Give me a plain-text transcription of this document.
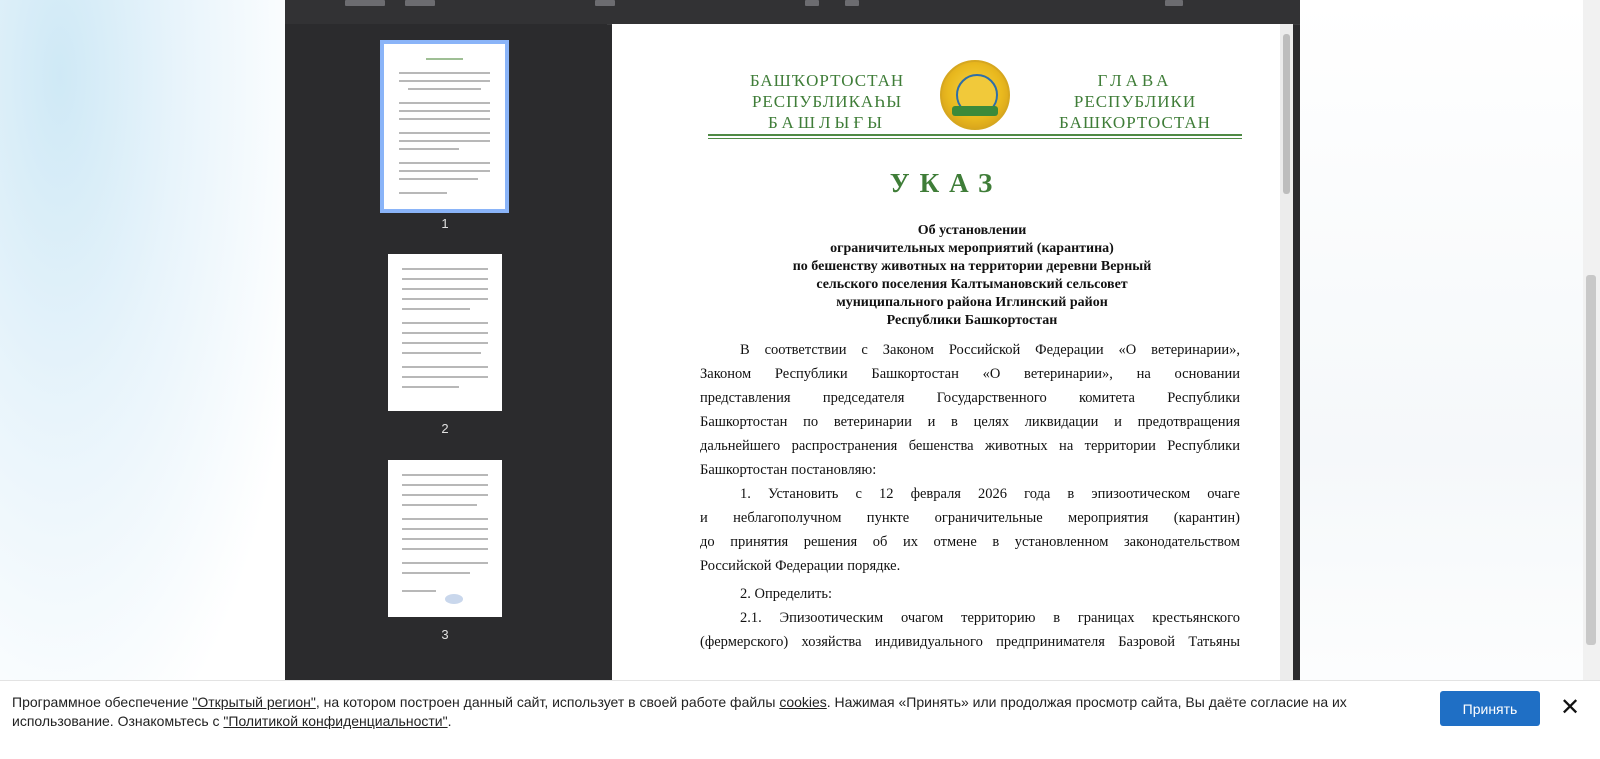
1
2
3
БАШҠОРТОСТАН
РЕСПУБЛИКАҺЫ
БАШЛЫҒЫ
ГЛАВА
РЕСПУБЛИКИ
БАШКОРТОСТАН
УКАЗ
Об установлении
ограничительных мероприятий (карантина)
по бешенству животных на территории деревни Верный
сельского поселения Калтымановский сельсовет
муниципального района Иглинский район
Республики Башкортостан
В соответствии с Законом Российской Федерации «О ветеринарии»,
Законом Республики Башкортостан «О ветеринарии», на основании
представления председателя Государственного комитета Республики
Башкортостан по ветеринарии и в целях ликвидации и предотвращения
дальнейшего распространения бешенства животных на территории Республики
Башкортостан постановляю:
1. Установить с 12 февраля 2026 года в эпизоотическом очаге
и неблагополучном пункте ограничительные мероприятия (карантин)
до принятия решения об их отмене в установленном законодательством
Российской Федерации порядке.
2. Определить:
2.1. Эпизоотическим очагом территорию в границах крестьянского
(фермерского) хозяйства индивидуального предпринимателя Базровой Татьяны
Программное обеспечение "Открытый регион", на котором построен данный сайт, использует в своей работе файлы cookies. Нажимая «Принять» или продолжая просмотр сайта, Вы даёте согласие на их использование. Ознакомьтесь с "Политикой конфиденциальности".
Принять	✕
